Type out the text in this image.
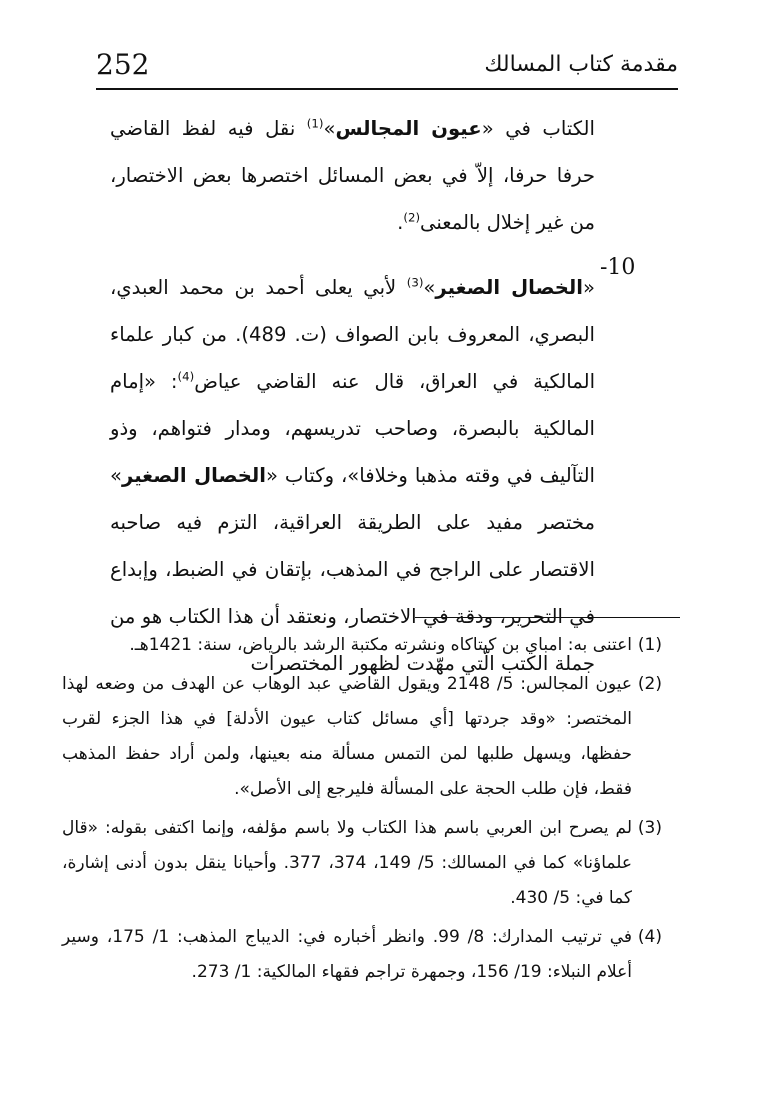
252	مقدمة كتاب المسالك

الكتاب في «عيون المجالس»$^{(1)}$ نقل فيه لفظ القاضي حرفا حرفا، إلاّ في بعض المسائل اختصرها بعض الاختصار، من غير إخلال بالمعنى$^{(2)}$.

«الخصال الصغير»$^{(3)}$ لأبي يعلى أحمد بن محمد العبدي، البصري، المعروف بابن الصواف (ت. 489). من كبار علماء المالكية في العراق، قال عنه القاضي عياض$^{(4)}$: «إمام المالكية بالبصرة، وصاحب تدريسهم، ومدار فتواهم، وذو التآليف في وقته مذهبا وخلافا»، وكتاب «الخصال الصغير» مختصر مفيد على الطريقة العراقية، التزم فيه صاحبه الاقتصار على الراجح في المذهب، بإتقان في الضبط، وإبداع في التحرير، ودقة في الاختصار، ونعتقد أن هذا الكتاب هو من جملة الكتب الّتي مهّدت لظهور المختصرات

-10
(1)
اعتنى به: امباي بن كيتاكاه ونشرته مكتبة الرشد بالرياض، سنة: 1421هـ.
(2)
عيون المجالس: 5/ 2148 ويقول القاضي عبد الوهاب عن الهدف من وضعه لهذا المختصر: «وقد جردتها [أي مسائل كتاب عيون الأدلة] في هذا الجزء لقرب حفظها، ويسهل طلبها لمن التمس مسألة منه بعينها، ولمن أراد حفظ المذهب فقط، فإن طلب الحجة على المسألة فليرجع إلى الأصل».
(3)
لم يصرح ابن العربي باسم هذا الكتاب ولا باسم مؤلفه، وإنما اكتفى بقوله: «قال علماؤنا» كما في المسالك: 5/ 149، 374، 377. وأحيانا ينقل بدون أدنى إشارة، كما في: 5/ 430.
(4)
في ترتيب المدارك: 8/ 99. وانظر أخباره في: الديباج المذهب: 1/ 175، وسير أعلام النبلاء: 19/ 156، وجمهرة تراجم فقهاء المالكية: 1/ 273.
